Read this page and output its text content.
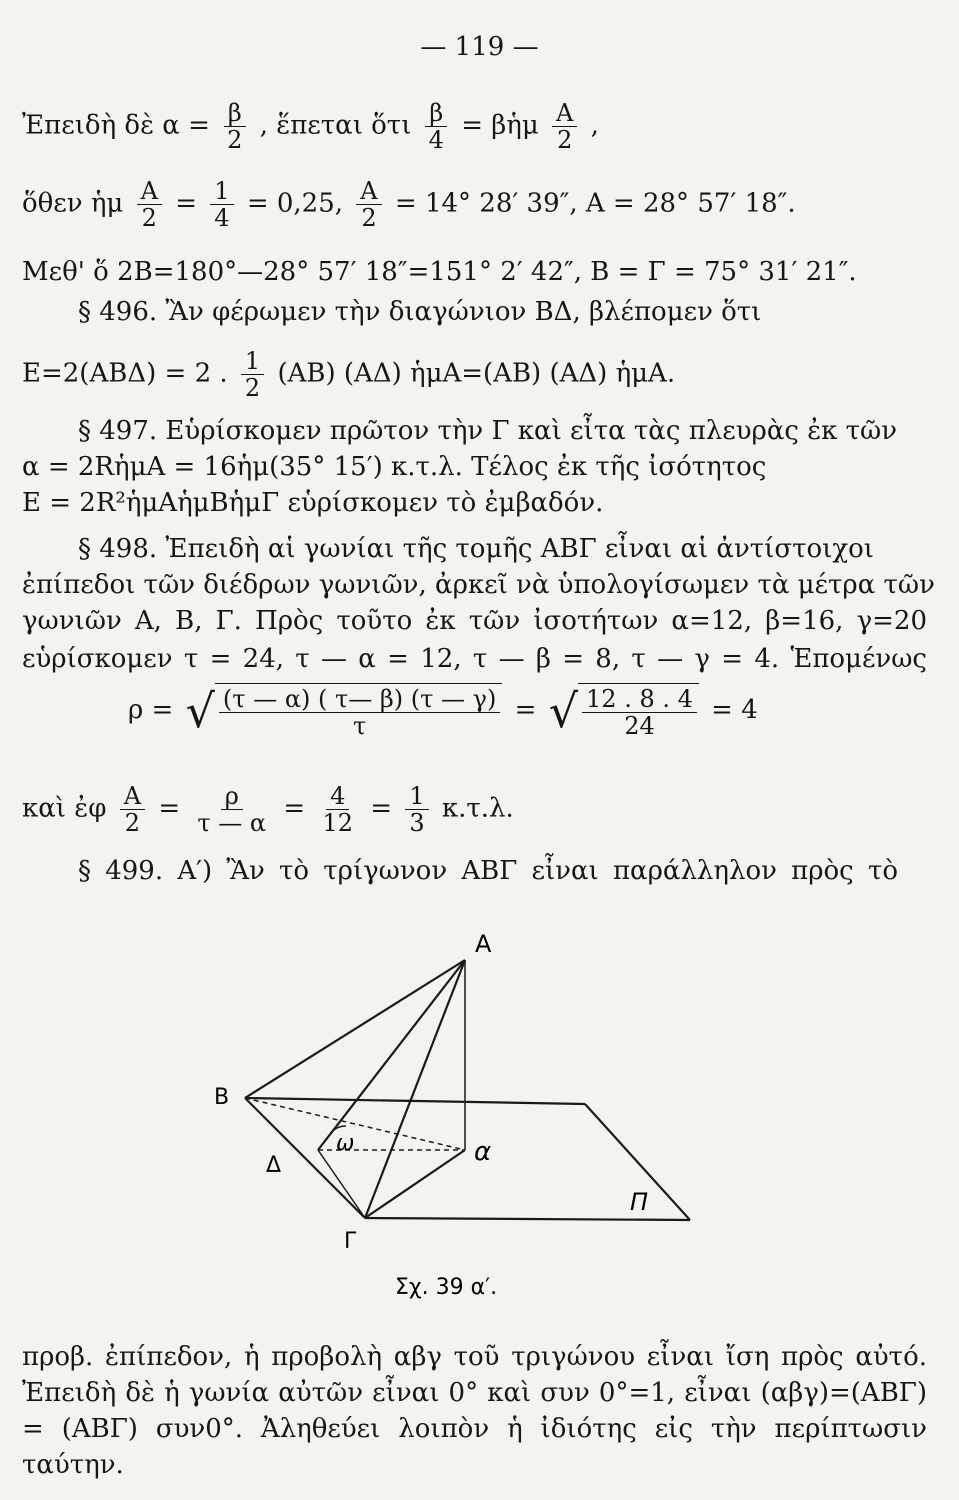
— 119 —
Ἐπειδὴ δὲ $\alpha = \frac{\beta}{2}$ , ἕπεται ὅτι $\frac{\beta}{4}$ = βἡμ $\frac{A}{2}$ ,
ὅθεν ἡμ $\frac{A}{2} = \frac{1}{4} = 0,25$, $\frac{A}{2} = 14^\circ$ 28′ 39″, A = 28° 57′ 18″.
Μεθ' ὅ 2B=180°—28° 57′ 18″=151° 2′ 42″, B = Γ = 75° 31′ 21″.
§ 496. Ἂν φέρωμεν τὴν διαγώνιον ΒΔ, βλέπομεν ὅτι
E=2(ABΔ) = 2 . $\frac{1}{2} (AB)$ (AΔ) ἡμA=(AB) (AΔ) ἡμA.
§ 497. Εὑρίσκομεν πρῶτον τὴν Γ καὶ εἶτα τὰς πλευρὰς ἐκ τῶν
α = 2RἡμA = 16ἡμ(35° 15′) κ.τ.λ. Τέλος ἐκ τῆς ἰσότητος
E = 2R²ἡμAἡμBἡμΓ εὑρίσκομεν τὸ ἐμβαδόν.
§ 498. Ἐπειδὴ αἱ γωνίαι τῆς τομῆς ΑΒΓ εἶναι αἱ ἀντίστοιχοι
ἐπίπεδοι τῶν διέδρων γωνιῶν, ἀρκεῖ νὰ ὑπολογίσωμεν τὰ μέτρα τῶν
γωνιῶν A, B, Γ. Πρὸς τοῦτο ἐκ τῶν ἰσοτήτων α=12, β=16, γ=20
εὑρίσκομεν τ = 24, τ — α = 12, τ — β = 8, τ — γ = 4. Ἑπομένως
ρ = √ $\frac{(\tau — \alpha) ( \tau— \beta) (\tau — \gamma)}{\tau}$ = √ $\frac{12 . 8 . 4}{24} = 4$
καὶ ἐφ $\frac{A}{2} = \frac{\rho}{\tau — \alpha} = \frac{4}{12} = \frac{1}{3} \kappa.\tau.\lambda$.
§ 499. Α′) Ἂν τὸ τρίγωνον ΑΒΓ εἶναι παράλληλον πρὸς τὸ
A
B
Δ
Γ
α
ω
Π
Σχ. 39 α′.
προβ. ἐπίπεδον, ἡ προβολὴ αβγ τοῦ τριγώνου εἶναι ἴση πρὸς αὐτό.
Ἐπειδὴ δὲ ἡ γωνία αὐτῶν εἶναι 0° καὶ συν 0°=1, εἶναι (αβγ)=(ΑΒΓ)
= (ΑΒΓ) συν0°. Ἀληθεύει λοιπὸν ἡ ἰδιότης εἰς τὴν περίπτωσιν
ταύτην.
